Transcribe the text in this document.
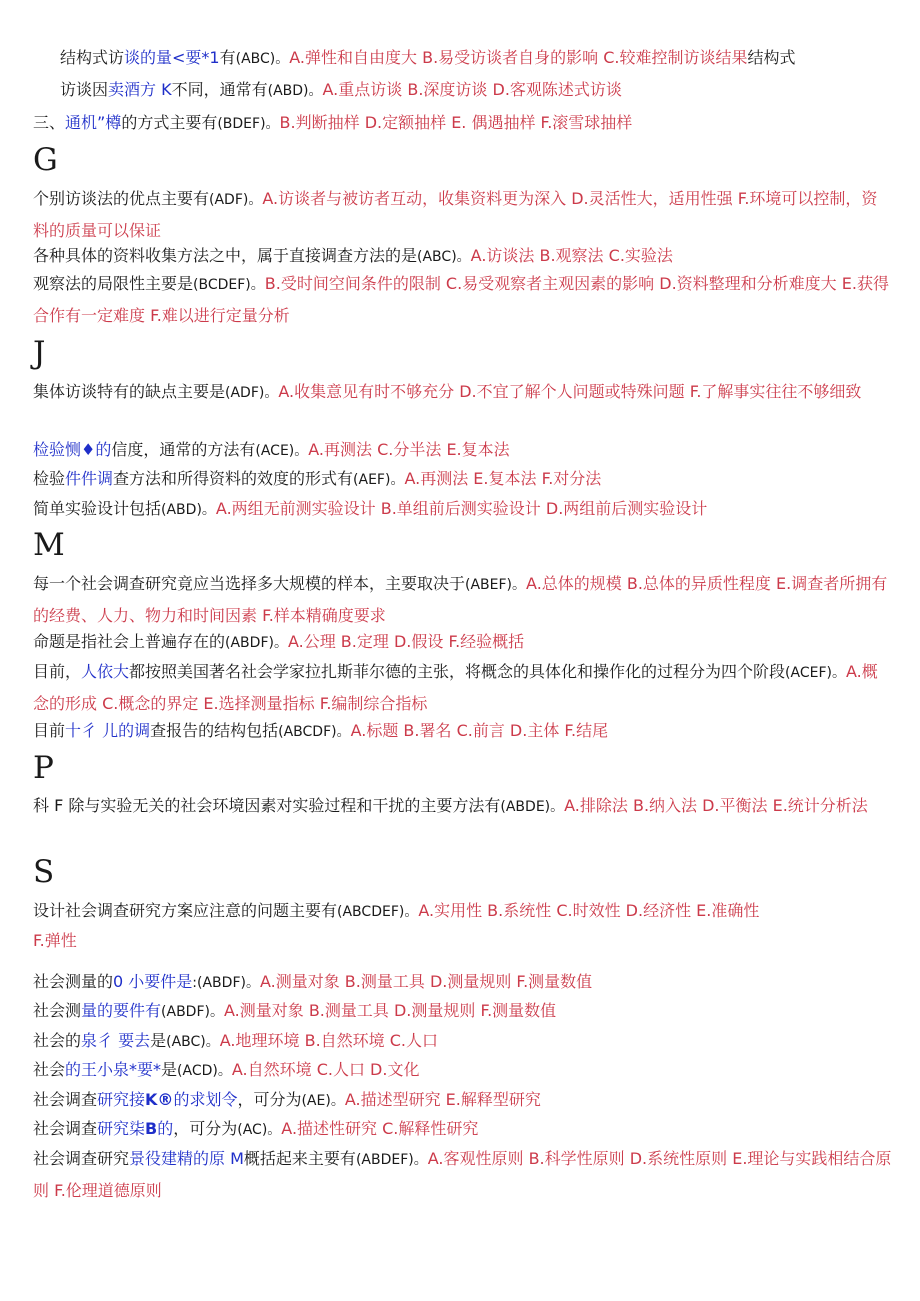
结构式访谈的量<要*1有(ABC)。A.弹性和自由度大 B.易受访谈者自身的影响 C.较难控制访谈结果结构式
访谈因卖酒方 K不同，通常有(ABD)。A.重点访谈 B.深度访谈 D.客观陈述式访谈
三、通机”樽的方式主要有(BDEF)。B.判断抽样 D.定额抽样 E. 偶遇抽样 F.滚雪球抽样
G
个别访谈法的优点主要有(ADF)。A.访谈者与被访者互动，收集资料更为深入 D.灵活性大，适用性强 F.环境可以控制，资料的质量可以保证
各种具体的资料收集方法之中，属于直接调查方法的是(ABC)。A.访谈法 B.观察法 C.实验法
观察法的局限性主要是(BCDEF)。B.受时间空间条件的限制 C.易受观察者主观因素的影响 D.资料整理和分析难度大 E.获得合作有一定难度 F.难以进行定量分析
J
集体访谈特有的缺点主要是(ADF)。A.收集意见有时不够充分 D.不宜了解个人问题或特殊问题 F.了解事实往往不够细致
检验恻♦的信度，通常的方法有(ACE)。A.再测法 C.分半法 E.复本法
检验件件调查方法和所得资料的效度的形式有(AEF)。A.再测法 E.复本法 F.对分法
简单实验设计包括(ABD)。A.两组无前测实验设计 B.单组前后测实验设计 D.两组前后测实验设计
M
每一个社会调查研究竟应当选择多大规模的样本，主要取决于(ABEF)。A.总体的规模 B.总体的异质性程度 E.调查者所拥有的经费、人力、物力和时间因素 F.样本精确度要求
命题是指社会上普遍存在的(ABDF)。A.公理 B.定理 D.假设 F.经验概括
目前，人依大都按照美国著名社会学家拉扎斯菲尔德的主张，将概念的具体化和操作化的过程分为四个阶段(ACEF)。A.概念的形成 C.概念的界定 E.选择测量指标 F.编制综合指标
目前十彳 儿的调查报告的结构包括(ABCDF)。A.标题 B.署名 C.前言 D.主体 F.结尾
P
科 F 除与实验无关的社会环境因素对实验过程和干扰的主要方法有(ABDE)。A.排除法 B.纳入法 D.平衡法 E.统计分析法
S
设计社会调查研究方案应注意的问题主要有(ABCDEF)。A.实用性 B.系统性 C.时效性 D.经济性 E.准确性
F.弹性
社会测量的0 小要件是:(ABDF)。A.测量对象 B.测量工具 D.测量规则 F.测量数值
社会测量的要件有(ABDF)。A.测量对象 B.测量工具 D.测量规则 F.测量数值
社会的泉彳 要去是(ABC)。A.地理环境 B.自然环境 C.人口
社会的王小泉*要*是(ACD)。A.自然环境 C.人口 D.文化
社会调查研究接K®的求划令，可分为(AE)。A.描述型研究 E.解释型研究
社会调查研究柒B的，可分为(AC)。A.描述性研究 C.解释性研究
社会调查研究景役建精的原 M概括起来主要有(ABDEF)。A.客观性原则 B.科学性原则 D.系统性原则 E.理论与实践相结合原则 F.伦理道德原则
